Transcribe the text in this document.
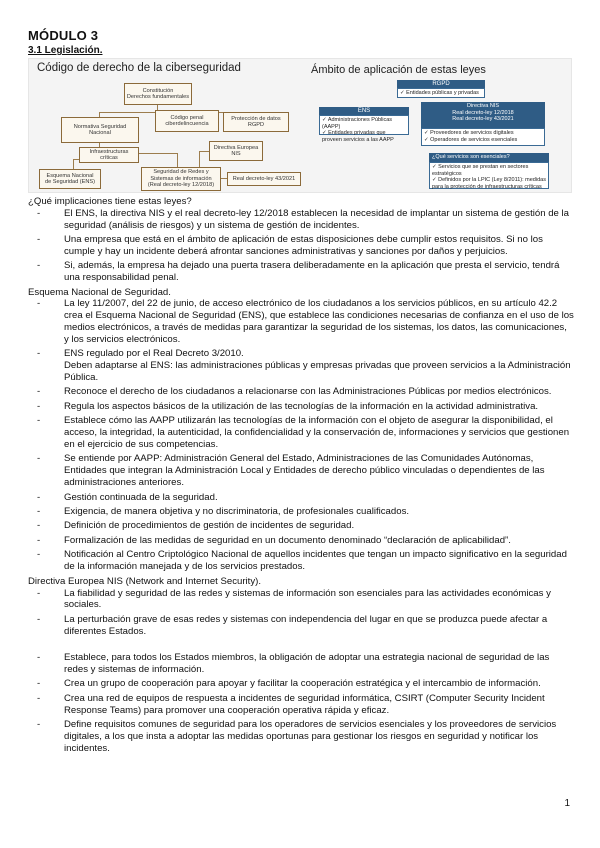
MÓDULO 3
3.1 Legislación.
Código de derecho de la ciberseguridad	Ámbito de aplicación de estas leyes
Constitución
Derechos fundamentales
Normativa Seguridad
Nacional
Código penal
ciberdelincuencia
Protección de datos
RGPD
Infraestructuras
críticas
Directiva Europea
NIS
Esquema Nacional
de Seguridad (ENS)
Seguridad de Redes y
Sistemas de información
(Real decreto-ley 12/2018)
Real decreto-ley 43/2021
RGPD
✓ Entidades públicas y privadas
ENS
✓ Administraciones Públicas (AAPP)
✓ Entidades privadas que proveen servicios a las AAPP
Directiva NIS
Real decreto-ley 12/2018
Real decreto-ley 43/2021
✓ Proveedores de servicios digitales
✓ Operadores de servicios esenciales
¿Qué servicios son esenciales?
✓ Servicios que se prestan en sectores estratégicos
✓ Definidos por la LPIC (Ley 8/2011): medidas para la protección de infraestructuras críticas
¿Qué implicaciones tiene estas leyes?
- El ENS, la directiva NIS y el real decreto-ley 12/2018 establecen la necesidad de implantar un sistema de gestión de la seguridad (análisis de riesgos) y un sistema de gestión de incidentes.
- Una empresa que está en el ámbito de aplicación de estas disposiciones debe cumplir estos requisitos. Si no los cumple y hay un incidente deberá afrontar sanciones administrativas y sanciones por daños y perjuicios.
- Si, además, la empresa ha dejado una puerta trasera deliberadamente en la aplicación que presta el servicio, tendrá una responsabilidad penal.
Esquema Nacional de Seguridad.
- La ley 11/2007, del 22 de junio, de acceso electrónico de los ciudadanos a los servicios públicos, en su artículo 42.2 crea el Esquema Nacional de Seguridad (ENS), que establece las condiciones necesarias de confianza en el uso de los medios electrónicos, a través de medidas para garantizar la seguridad de los sistemas, los datos, las comunicaciones, y los servicios electrónicos.
- ENS regulado por el Real Decreto 3/2010.
Deben adaptarse al ENS: las administraciones públicas y empresas privadas que proveen servicios a la Administración Pública.
- Reconoce el derecho de los ciudadanos a relacionarse con las Administraciones Públicas por medios electrónicos.
- Regula los aspectos básicos de la utilización de las tecnologías de la información en la actividad administrativa.
- Establece cómo las AAPP utilizarán las tecnologías de la información con el objeto de asegurar la disponibilidad, el acceso, la integridad, la autenticidad, la confidencialidad y la conservación de, informaciones y servicios que gestionen en el ejercicio de sus competencias.
- Se entiende por AAPP: Administración General del Estado, Administraciones de las Comunidades Autónomas, Entidades que integran la Administración Local y Entidades de derecho público vinculadas o dependientes de las administraciones anteriores.
- Gestión continuada de la seguridad.
- Exigencia, de manera objetiva y no discriminatoria, de profesionales cualificados.
- Definición de procedimientos de gestión de incidentes de seguridad.
- Formalización de las medidas de seguridad en un documento denominado “declaración de aplicabilidad”.
- Notificación al Centro Criptológico Nacional de aquellos incidentes que tengan un impacto significativo en la seguridad de la información manejada y de los servicios prestados.
Directiva Europea NIS (Network and Internet Security).
- La fiabilidad y seguridad de las redes y sistemas de información son esenciales para las actividades económicas y sociales.
- La perturbación grave de esas redes y sistemas con independencia del lugar en que se produzca puede afectar a diferentes Estados.
- Establece, para todos los Estados miembros, la obligación de adoptar una estrategia nacional de seguridad de las redes y sistemas de información.
- Crea un grupo de cooperación para apoyar y facilitar la cooperación estratégica y el intercambio de información.
- Crea una red de equipos de respuesta a incidentes de seguridad informática, CSIRT (Computer Security Incident Response Teams) para promover una cooperación operativa rápida y eficaz.
- Define requisitos comunes de seguridad para los operadores de servicios esenciales y los proveedores de servicios digitales, a los que insta a adoptar las medidas oportunas para gestionar los riesgos en seguridad y notificar los incidentes.
1
